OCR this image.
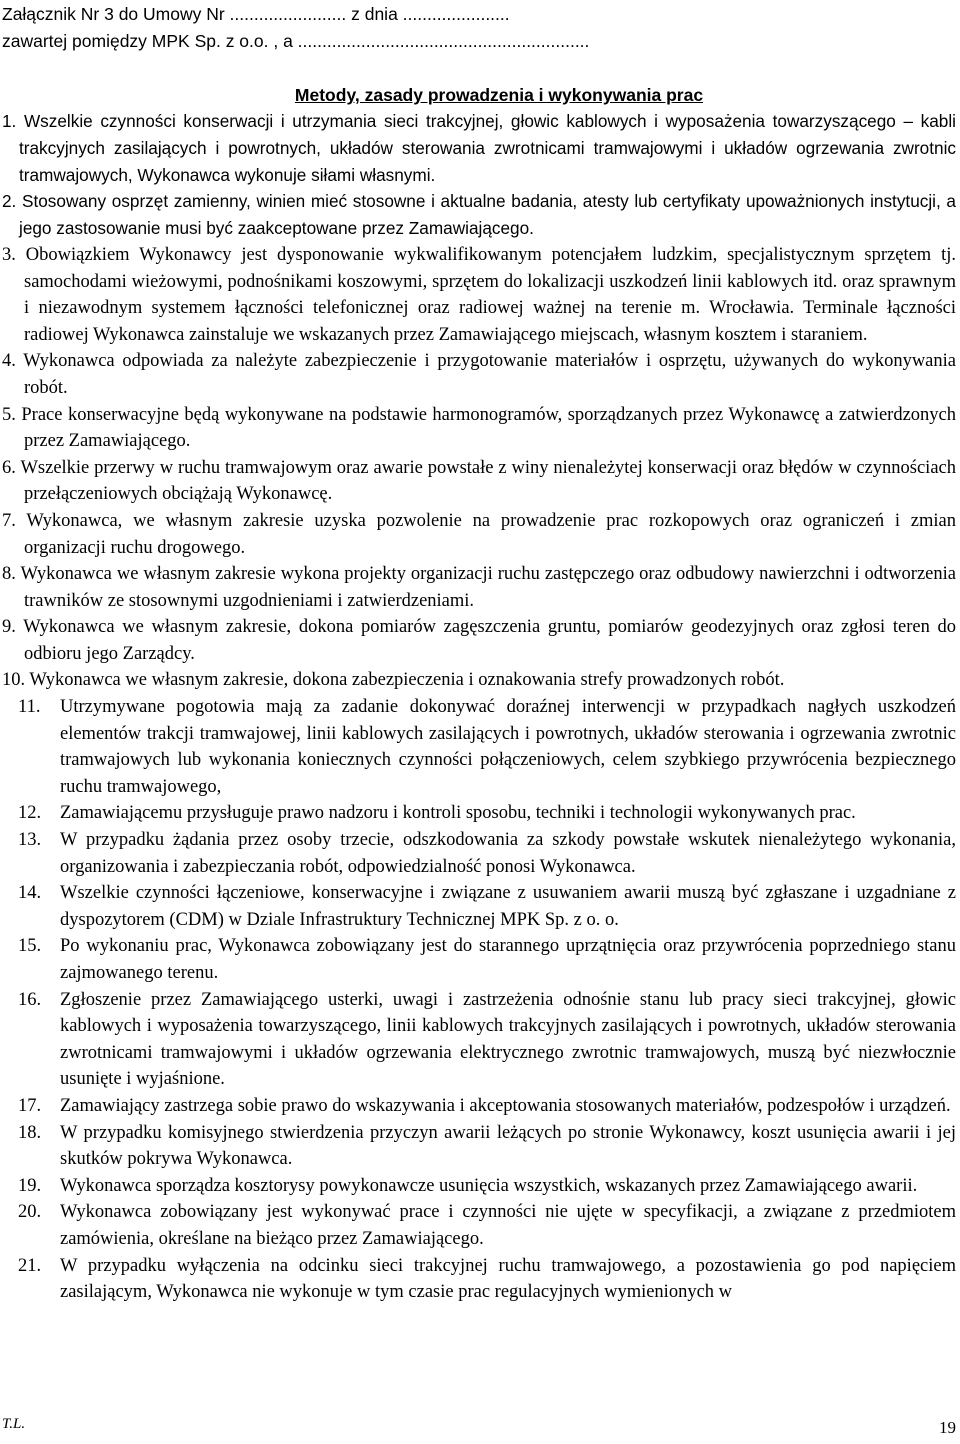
Załącznik Nr 3 do Umowy Nr ........................ z dnia ......................
zawartej pomiędzy MPK Sp. z o.o. , a ............................................................
Metody, zasady prowadzenia i wykonywania prac

1. Wszelkie czynności konserwacji i utrzymania sieci trakcyjnej, głowic kablowych i wyposażenia towarzyszącego – kabli trakcyjnych zasilających i powrotnych, układów sterowania zwrotnicami tramwajowymi i układów ogrzewania zwrotnic tramwajowych, Wykonawca wykonuje siłami własnymi.

2. Stosowany osprzęt zamienny, winien mieć stosowne i aktualne badania, atesty lub certyfikaty upoważnionych instytucji, a jego zastosowanie musi być zaakceptowane przez Zamawiającego.

3. Obowiązkiem Wykonawcy jest dysponowanie wykwalifikowanym potencjałem ludzkim, specjalistycznym sprzętem tj. samochodami wieżowymi, podnośnikami koszowymi, sprzętem do lokalizacji uszkodzeń linii kablowych itd. oraz sprawnym i niezawodnym systemem łączności telefonicznej oraz radiowej ważnej na terenie m. Wrocławia. Terminale łączności radiowej Wykonawca zainstaluje we wskazanych przez Zamawiającego miejscach, własnym kosztem i staraniem.

4. Wykonawca odpowiada za należyte zabezpieczenie i przygotowanie materiałów i osprzętu, używanych do wykonywania robót.

5. Prace konserwacyjne będą wykonywane na podstawie harmonogramów, sporządzanych przez Wykonawcę a zatwierdzonych przez Zamawiającego.

6. Wszelkie przerwy w ruchu tramwajowym oraz awarie powstałe z winy nienależytej konserwacji oraz błędów w czynnościach przełączeniowych obciążają Wykonawcę.

7. Wykonawca, we własnym zakresie uzyska pozwolenie na prowadzenie prac rozkopowych oraz ograniczeń i zmian organizacji ruchu drogowego.

8. Wykonawca we własnym zakresie wykona projekty organizacji ruchu zastępczego oraz odbudowy nawierzchni i odtworzenia trawników ze stosownymi uzgodnieniami i zatwierdzeniami.

9. Wykonawca we własnym zakresie, dokona pomiarów zagęszczenia gruntu, pomiarów geodezyjnych oraz zgłosi teren do odbioru jego Zarządcy.

10. Wykonawca we własnym zakresie, dokona zabezpieczenia i oznakowania strefy prowadzonych robót.

11. Utrzymywane pogotowia mają za zadanie dokonywać doraźnej interwencji w przypadkach nagłych uszkodzeń elementów trakcji tramwajowej, linii kablowych zasilających i powrotnych, układów sterowania i ogrzewania zwrotnic tramwajowych lub wykonania koniecznych czynności połączeniowych, celem szybkiego przywrócenia bezpiecznego ruchu tramwajowego,

12. Zamawiającemu przysługuje prawo nadzoru i kontroli sposobu, techniki i technologii wykonywanych prac.

13. W przypadku żądania przez osoby trzecie, odszkodowania za szkody powstałe wskutek nienależytego wykonania, organizowania i zabezpieczania robót, odpowiedzialność ponosi Wykonawca.

14. Wszelkie czynności łączeniowe, konserwacyjne i związane z usuwaniem awarii muszą być zgłaszane i uzgadniane z dyspozytorem (CDM) w Dziale Infrastruktury Technicznej MPK Sp. z o. o.

15. Po wykonaniu prac, Wykonawca zobowiązany jest do starannego uprzątnięcia oraz przywrócenia poprzedniego stanu zajmowanego terenu.

16. Zgłoszenie przez Zamawiającego usterki, uwagi i zastrzeżenia odnośnie stanu lub pracy sieci trakcyjnej, głowic kablowych i wyposażenia towarzyszącego, linii kablowych trakcyjnych zasilających i powrotnych, układów sterowania zwrotnicami tramwajowymi i układów ogrzewania elektrycznego zwrotnic tramwajowych, muszą być niezwłocznie usunięte i wyjaśnione.

17. Zamawiający zastrzega sobie prawo do wskazywania i akceptowania stosowanych materiałów, podzespołów i urządzeń.

18. W przypadku komisyjnego stwierdzenia przyczyn awarii leżących po stronie Wykonawcy, koszt usunięcia awarii i jej skutków pokrywa Wykonawca.

19. Wykonawca sporządza kosztorysy powykonawcze usunięcia wszystkich, wskazanych przez Zamawiającego awarii.

20. Wykonawca zobowiązany jest wykonywać prace i czynności nie ujęte w specyfikacji, a związane z przedmiotem zamówienia, określane na bieżąco przez Zamawiającego.

21. W przypadku wyłączenia na odcinku sieci trakcyjnej ruchu tramwajowego, a pozostawienia go pod napięciem zasilającym, Wykonawca nie wykonuje w tym czasie prac regulacyjnych wymienionych w

T.L.	19
